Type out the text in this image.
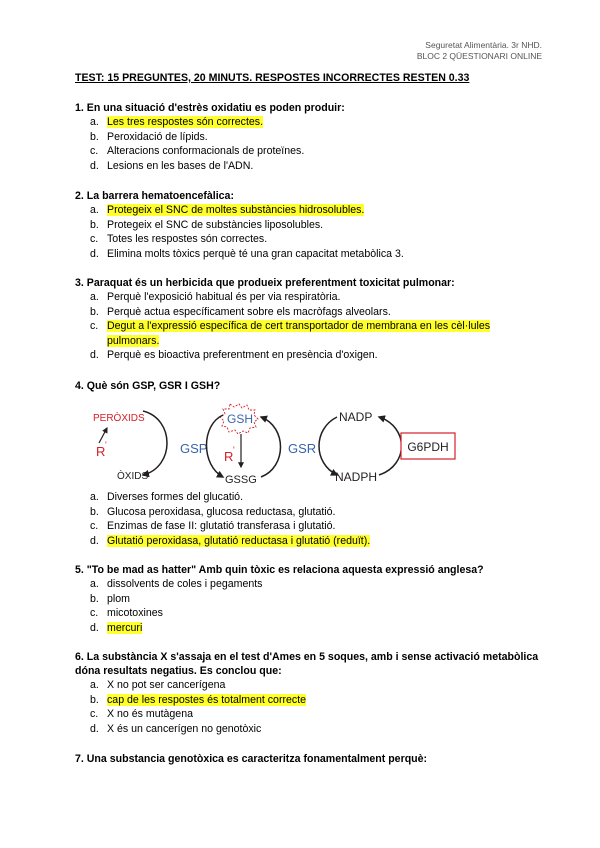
Seguretat Alimentària. 3r NHD.
BLOC 2 QÜESTIONARI ONLINE
TEST: 15 PREGUNTES, 20 MINUTS. RESPOSTES INCORRECTES RESTEN 0.33
1. En una situació d'estrès oxidatiu es poden produir:
a. Les tres respostes són correctes.
b. Peroxidació de lípids.
c. Alteracions conformacionals de proteïnes.
d. Lesions en les bases de l'ADN.
2. La barrera hematoencefàlica:
a. Protegeix el SNC de moltes substàncies hidrosolubles.
b. Protegeix el SNC de substàncies liposolubles.
c. Totes les respostes són correctes.
d. Elimina molts tòxics perquè té una gran capacitat metabòlica 3.
3. Paraquat és un herbicida que produeix preferentment toxicitat pulmonar:
a. Perquè l'exposició habitual és per via respiratòria.
b. Perquè actua específicament sobre els macròfags alveolars.
c. Degut a l'expressió específica de cert transportador de membrana en les cèl·lules pulmonars.
d. Perquè es bioactiva preferentment en presència d'oxigen.
4. Què són GSP, GSR I GSH?
PERÒXIDS
R '
ÒXIDS
GSP
GSH
R '
GSSG
GSR
NADP
NADPH
G6PDH
a. Diverses formes del glucatió.
b. Glucosa peroxidasa, glucosa reductasa, glutatió.
c. Enzimas de fase II: glutatió transferasa i glutatió.
d. Glutatió peroxidasa, glutatió reductasa i glutatió (reduït).
5. "To be mad as hatter" Amb quin tòxic es relaciona aquesta expressió anglesa?
a. dissolvents de coles i pegaments
b. plom
c. micotoxines
d. mercuri
6. La substància X s'assaja en el test d'Ames en 5 soques, amb i sense activació metabòlica dóna resultats negatius. Es conclou que:
a. X no pot ser cancerígena
b. cap de les respostes és totalment correcte
c. X no és mutàgena
d. X és un cancerígen no genotòxic
7. Una substancia genotòxica es caracteritza fonamentalment perquè:
